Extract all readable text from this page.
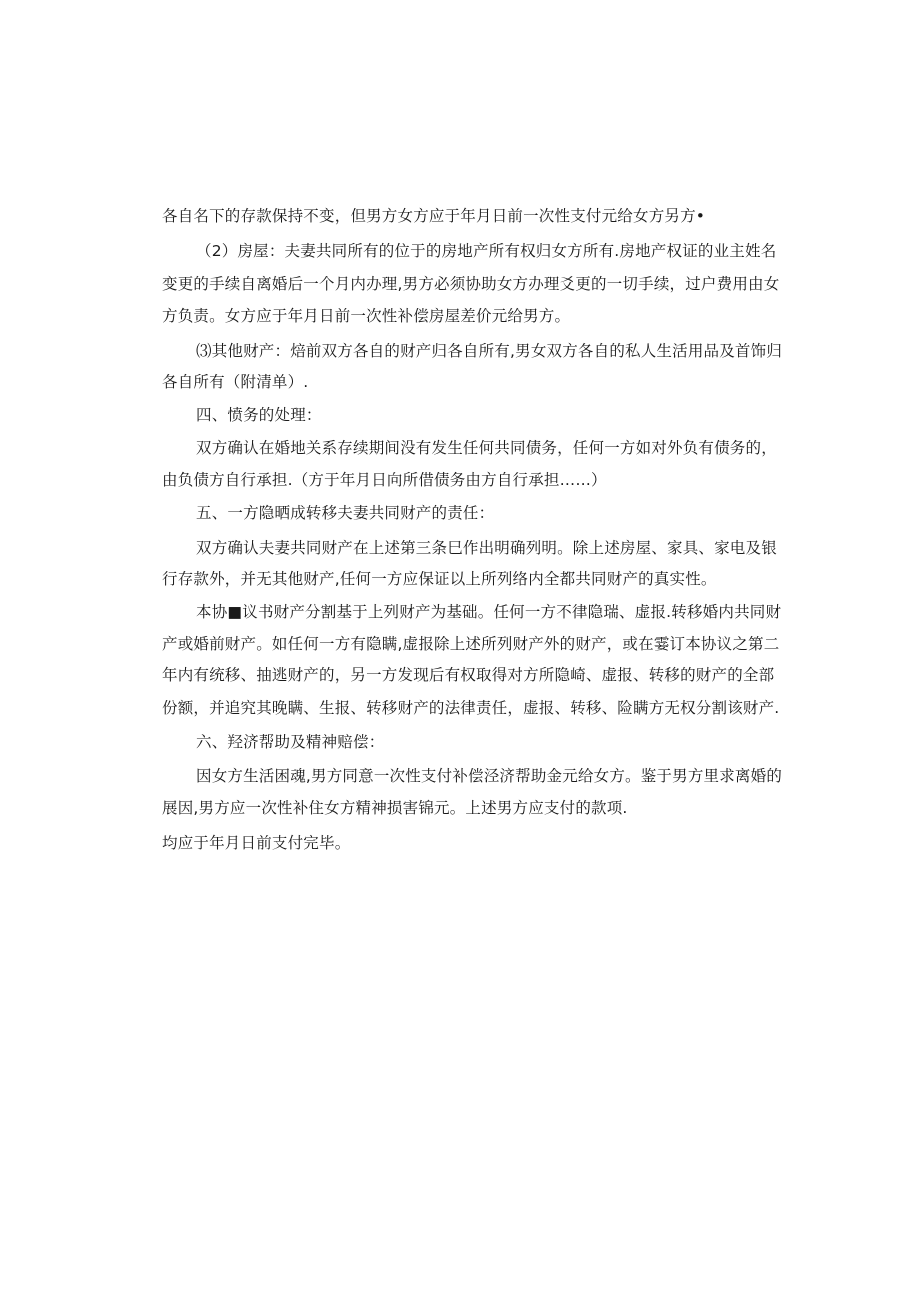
各自名下的存款保持不变，但男方女方应于年月日前一次性支付元给女方另方•
（2）房屋：夫妻共同所有的位于的房地产所有权归女方所有.房地产权证的业主姓名
变更的手续自离婚后一个月内办理,男方必须协助女方办理爻更的一切手续，过户费用由女
方负责。女方应于年月日前一次性补偿房屋差价元给男方。
⑶其他财产：焙前双方各自的财产归各自所有,男女双方各自的私人生活用品及首饰归
各自所有（附清单）.
四、愤务的处理：
双方确认在婚地关系存续期间没有发生任何共同债务，任何一方如对外负有债务的，
由负债方自行承担.（方于年月日向所借债务由方自行承担……）
五、一方隐晒成转移夫妻共同财产的责任：
双方确认夫妻共同财产在上述第三条巳作出明确列明。除上述房屋、家具、家电及银
行存款外，并无其他财产,任何一方应保证以上所列络内全都共同财产的真实性。
本协■议书财产分割基于上列财产为基础。任何一方不律隐瑞、虚报.转移婚内共同财
产或婚前财产。如任何一方有隐瞒,虚报除上述所列财产外的财产，或在霎订本协议之第二
年内有统移、抽逃财产的，另一方发现后有权取得对方所隐崎、虚报、转移的财产的全部
份额，并追究其晚瞒、生报、转移财产的法律责任，虚报、转移、险瞒方无权分割该财产.
六、羟济帮助及精神赔偿：
因女方生活困魂,男方同意一次性支付补偿泾济帮助金元给女方。鉴于男方里求离婚的
展因,男方应一次性补住女方精神损害锦元。上述男方应支付的款项.
均应于年月日前支付完毕。
